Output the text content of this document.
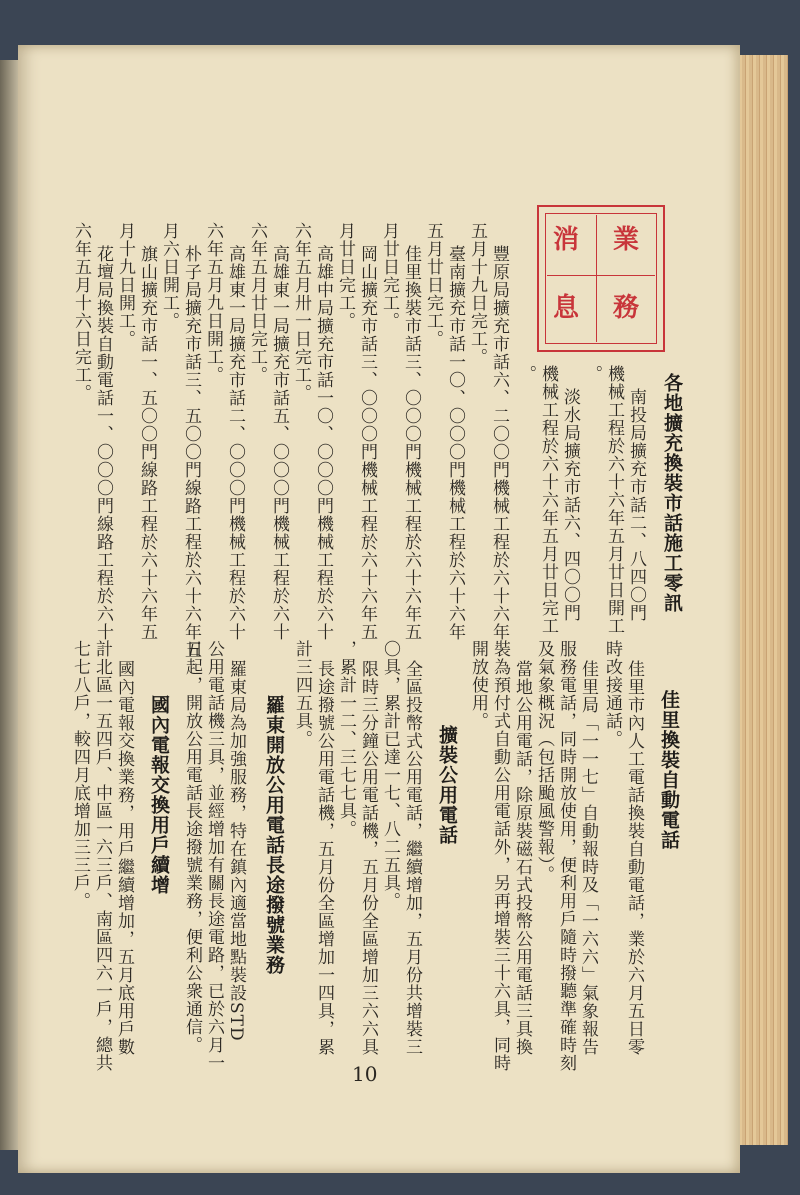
業
務
消
息
各地擴充換裝市話施工零訊
南投局擴充市話二、八四〇門
機械工程於六十六年五月廿日開工
。
淡水局擴充市話六、四〇〇門
機械工程於六十六年五月廿日完工
。
豐原局擴充市話六、二〇〇門機械工程於六十六年
五月十九日完工。
臺南擴充市話一〇、〇〇〇門機械工程於六十六年
五月廿日完工。
佳里換裝市話三、〇〇〇門機械工程於六十六年五
月廿日完工。
岡山擴充市話三、〇〇〇門機械工程於六十六年五
月廿日完工。
高雄中局擴充市話一〇、〇〇〇門機械工程於六十
六年五月卅一日完工。
高雄東一局擴充市話五、〇〇〇門機械工程於六十
六年五月廿日完工。
高雄東一局擴充市話二、〇〇〇門機械工程於六十
六年五月九日開工。
朴子局擴充市話三、五〇〇門線路工程於六十六年五
月六日開工。
旗山擴充市話一、五〇〇門線路工程於六十六年五
月十九日開工。
花壇局換裝自動電話一、〇〇〇門線路工程於六十
六年五月十六日完工。
佳里換裝自動電話
佳里市內人工電話換裝自動電話，業於六月五日零
時改接通話。
佳里局「一一七」自動報時及「一六六」氣象報告
服務電話，同時開放使用，便利用戶隨時撥聽準確時刻
及氣象概況（包括颱風警報）。
當地公用電話，除原裝磁石式投幣公用電話三具換
裝為預付式自動公用電話外，另再增裝三十六具，同時
開放使用。
擴裝公用電話
全區投幣式公用電話，繼續增加，五月份共增裝三
〇具，累計已達一七、八二五具。
限時三分鐘公用電話機，五月份全區增加三六六具
，累計一二、三七七具。
長途撥號公用電話機，五月份全區增加一四具，累
計三四五具。
羅東開放公用電話長途撥號業務
羅東局為加強服務，特在鎮內適當地點裝設STD
公用電話機三具，並經增加有關長途電路，已於六月一
日起，開放公用電話長途撥號業務，便利公衆通信。
國內電報交換用戶續增
國內電報交換業務，用戶繼續增加，五月底用戶數
計北區一五四戶、中區一六三戶、南區四六一戶，總共
七七八戶，較四月底增加三三戶。
10
